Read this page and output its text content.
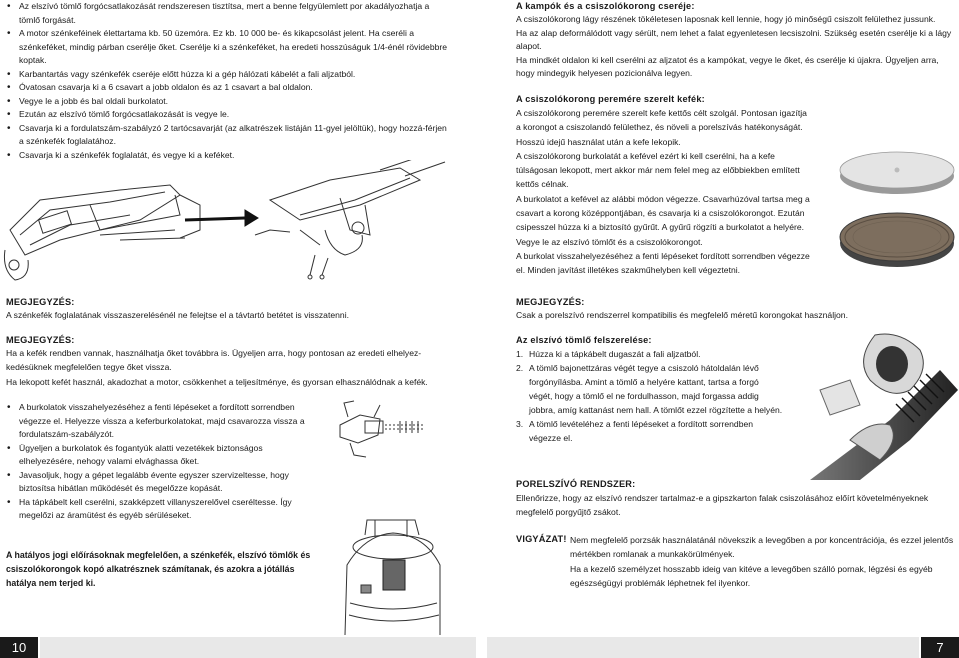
• Az elszívó tömlő forgócsatlakozását rendszeresen tisztítsa, mert a benne felgyülemlett por akadályozhatja a tömlő forgását.
• A motor szénkeféinek élettartama kb. 50 üzemóra. Ez kb. 10 000 be- és kikapcsolást jelent. Ha cseréli a szénkeféket, mindig párban cserélje őket. Cserélje ki a szénkeféket, ha eredeti hosszúságuk 1/4-énél rövidebbre koptak.
• Karbantartás vagy szénkefék cseréje előtt húzza ki a gép hálózati kábelét a fali aljzatból.
• Óvatosan csavarja ki a 6 csavart a jobb oldalon és az 1 csavart a bal oldalon.
• Vegye le a jobb és bal oldali burkolatot.
• Ezután az elszívó tömlő forgócsatlakozását is vegye le.
• Csavarja ki a fordulatszám-szabályzó 2 tartócsavarját (az alkatrészek listáján 11-gyel jelöltük), hogy hozzá-férjen a szénkefék foglalatához.
• Csavarja ki a szénkefék foglalatát, és vegye ki a keféket.

MEGJEGYZÉS:

A szénkefék foglalatának visszaszerelésénél ne felejtse el a távtartó betétet is visszatenni.

MEGJEGYZÉS:

Ha a kefék rendben vannak, használhatja őket továbbra is. Ügyeljen arra, hogy pontosan az eredeti elhelyez-kedésüknek megfelelően tegye őket vissza.

Ha lekopott kefét használ, akadozhat a motor, csökkenhet a teljesítménye, és gyorsan elhasználódnak a kefék.

• A burkolatok visszahelyezéséhez a fenti lépéseket a fordított sorrendben végezze el. Helyezze vissza a keferburkolatokat, majd csavarozza vissza a fordulatszám-szabályzót.
• Ügyeljen a burkolatok és fogantyúk alatti vezetékek biztonságos elhelyezésére, nehogy valami elvághassa őket.
• Javasoljuk, hogy a gépet legalább évente egyszer szervizeltesse, hogy biztosítsa hibátlan működését és megelőzze kopását.
• Ha tápkábelt kell cserélni, szakképzett villanyszerelővel cseréltesse. Így megelőzi az áramütést és egyéb sérüléseket.
A hatályos jogi előírásoknak megfelelően, a szénkefék, elszívó tömlők és csiszolókorongok kopó alkatrésznek számítanak, és azokra a jótállás hatálya nem terjed ki.
10

A kampók és a csiszolókorong cseréje:

A csiszolókorong lágy részének tökéletesen laposnak kell lennie, hogy jó minőségű csiszolt felülethez jussunk.

Ha az alap deformálódott vagy sérült, nem lehet a falat egyenletesen lecsiszolni. Szükség esetén cserélje ki a lágy alapot.

Ha mindkét oldalon ki kell cserélni az aljzatot és a kampókat, vegye le őket, és cserélje ki újakra. Ügyeljen arra, hogy mindegyik helyesen pozicionálva legyen.

A csiszolókorong peremére szerelt kefék:

A csiszolókorong peremére szerelt kefe kettős célt szolgál. Pontosan igazítja a korongot a csiszolandó felülethez, és növeli a porelszívás hatékonyságát. Hosszú idejű használat után a kefe lekopik.

A csiszolókorong burkolatát a kefével ezért ki kell cserélni, ha a kefe túlságosan lekopott, mert akkor már nem felel meg az előbbiekben említett kettős célnak.

A burkolatot a kefével az alábbi módon végezze. Csavarhúzóval tartsa meg a csavart a korong középpontjában, és csavarja ki a csiszolókorongot. Ezután csipesszel húzza ki a biztosító gyűrűt. A gyűrű rögzíti a burkolatot a helyére.

Vegye le az elszívó tömlőt és a csiszolókorongot.

A burkolat visszahelyezéséhez a fenti lépéseket fordított sorrendben végezze el. Minden javítást illetékes szakműhelyben kell végeztetni.

MEGJEGYZÉS:

Csak a porelszívó rendszerrel kompatibilis és megfelelő méretű korongokat használjon.

Az elszívó tömlő felszerelése:

1. Húzza ki a tápkábelt dugaszát a fali aljzatból.
2. A tömlő bajonettzáras végét tegye a csiszoló hátoldalán lévő forgónyílásba. Amint a tömlő a helyére kattant, tartsa a forgó végét, hogy a tömlő el ne fordulhasson, majd forgassa addig jobbra, amíg kattanást nem hall. A tömlőt ezzel rögzítette a helyén.
3. A tömlő levételéhez a fenti lépéseket a fordított sorrendben végezze el.

PORELSZÍVÓ RENDSZER:

Ellenőrizze, hogy az elszívó rendszer tartalmaz-e a gipszkarton falak csiszolásához előírt követelményeknek megfelelő porgyűjtő zsákot.

VIGYÁZAT! Nem megfelelő porzsák használatánál növekszik a levegőben a por koncentrációja, és ezzel jelentős mértékben romlanak a munkakörülmények.

Ha a kezelő személyzet hosszabb ideig van kitéve a levegőben szálló pornak, légzési és egyéb egészségügyi problémák léphetnek fel ilyenkor.

7
